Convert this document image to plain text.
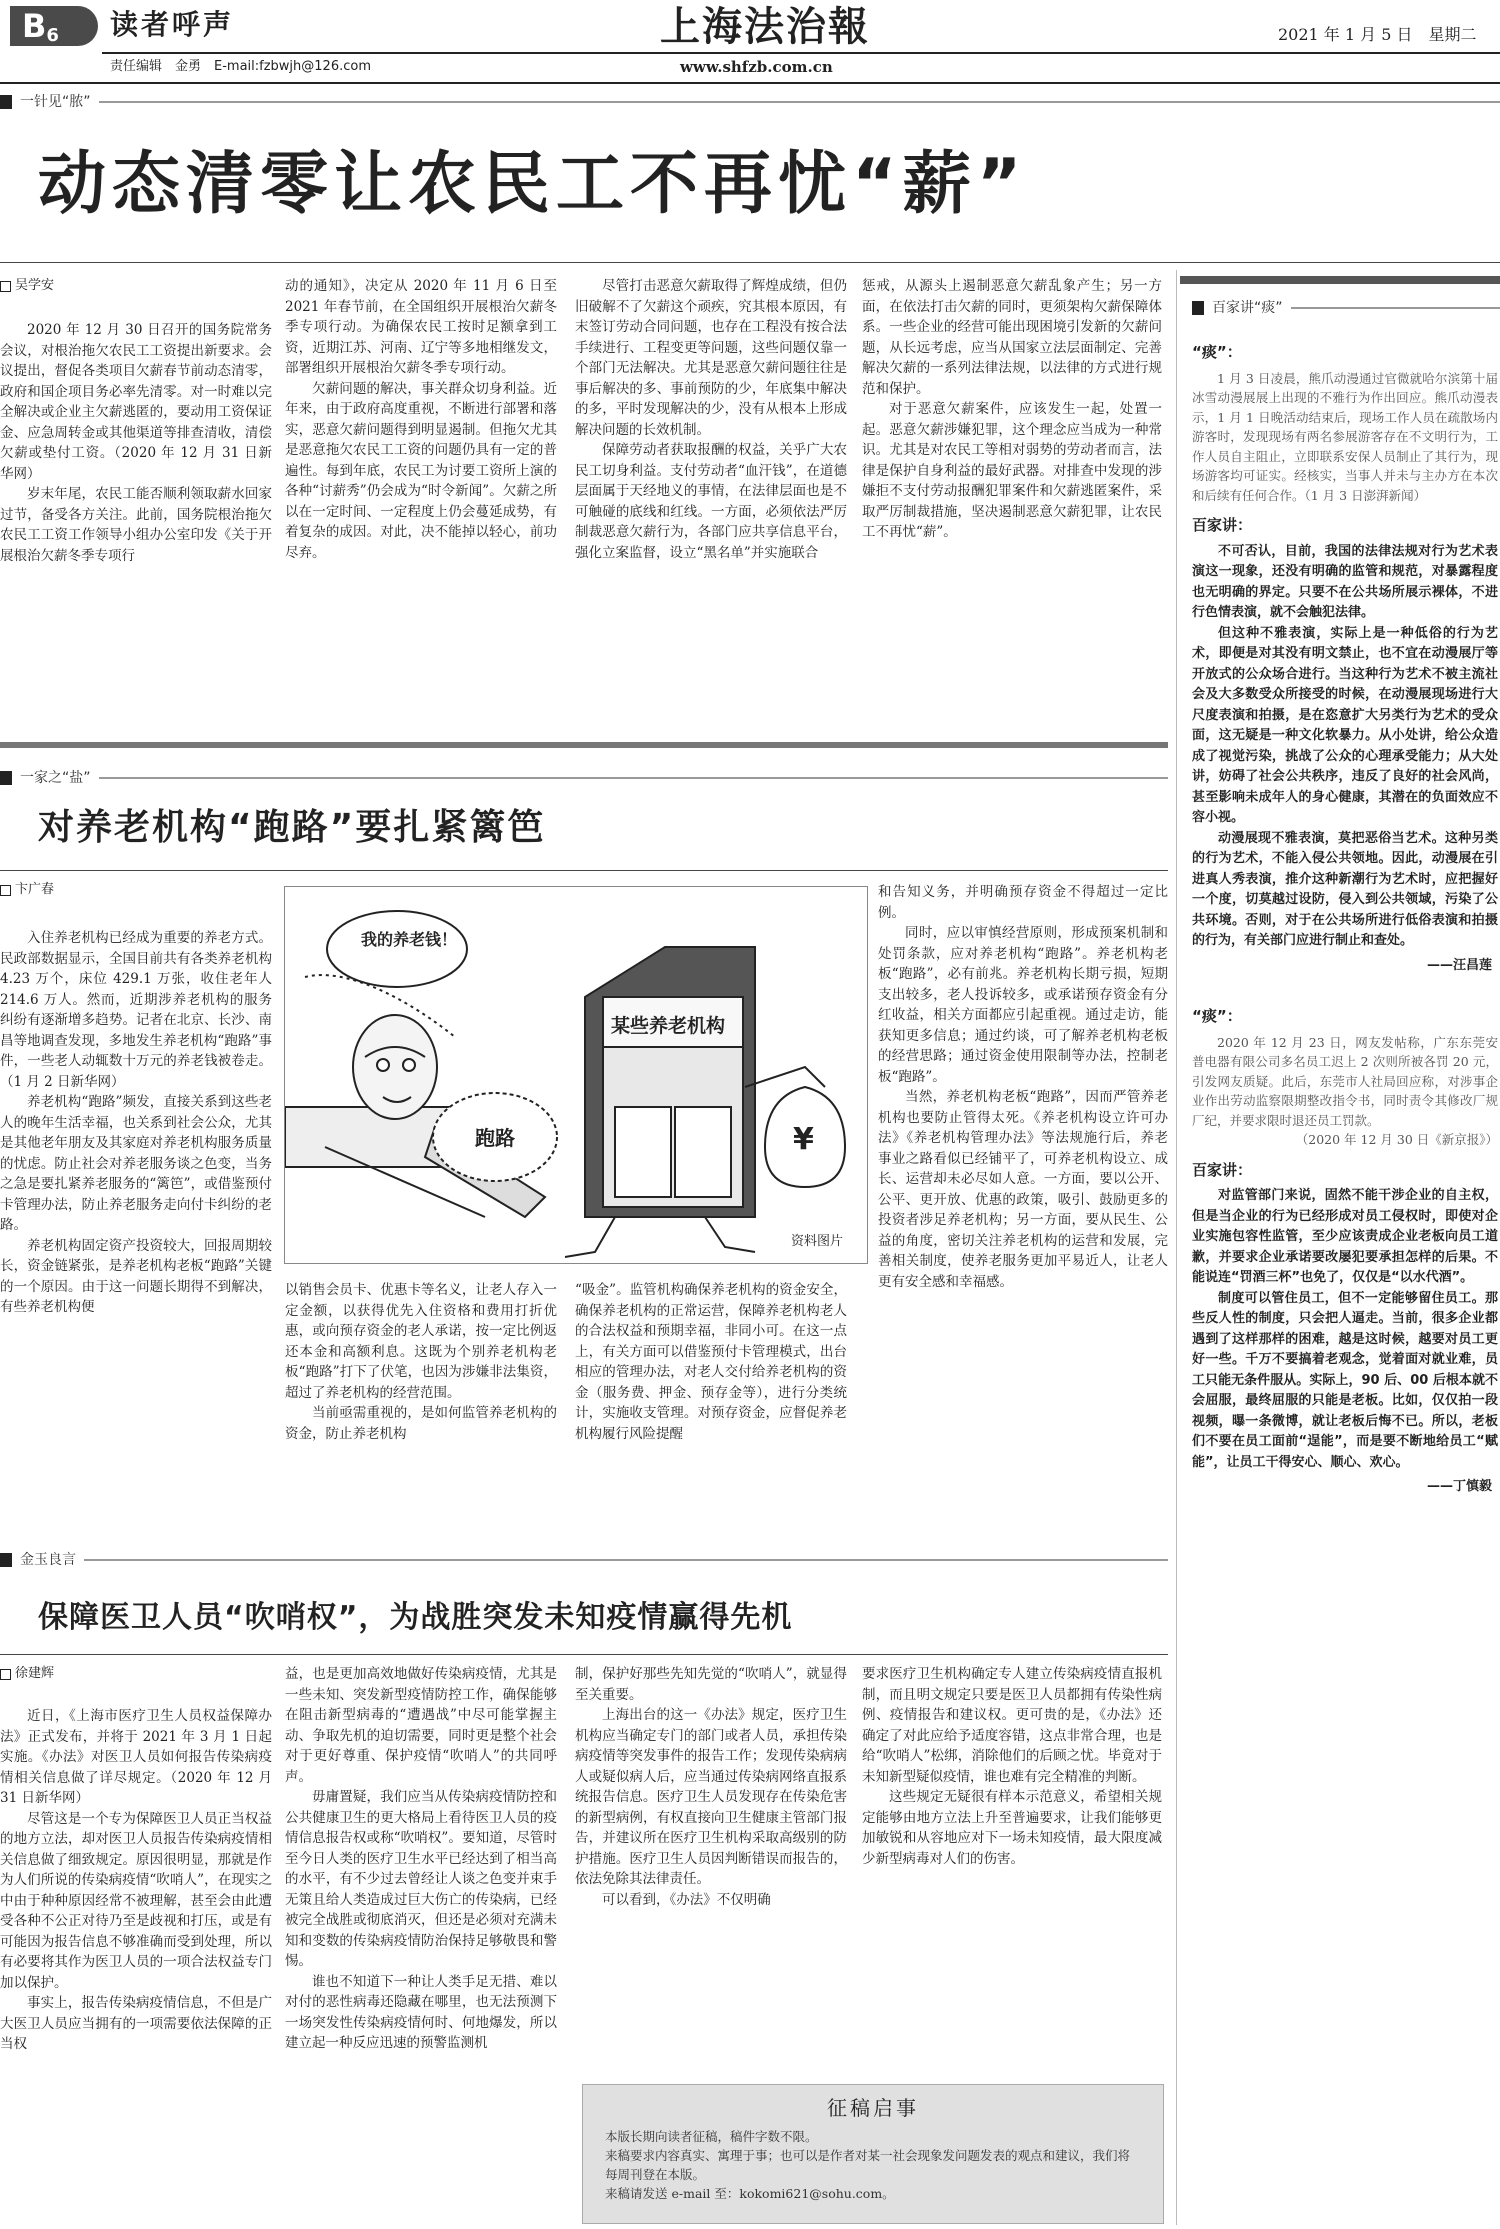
B6	读者呼声
责任编辑　金勇　E-mail:fzbwjh@126.com
上海法治報
www.shfzb.com.cn
2021 年 1 月 5 日　星期二
一针见“脓”
动态清零让农民工不再忧“薪”
吴学安

2020 年 12 月 30 日召开的国务院常务会议，对根治拖欠农民工工资提出新要求。会议提出，督促各类项目欠薪春节前动态清零，政府和国企项目务必率先清零。对一时难以完全解决或企业主欠薪逃匿的，要动用工资保证金、应急周转金或其他渠道等排查清收，清偿欠薪或垫付工资。（2020 年 12 月 31 日新华网）

岁末年尾，农民工能否顺利领取薪水回家过节，备受各方关注。此前，国务院根治拖欠农民工工资工作领导小组办公室印发《关于开展根治欠薪冬季专项行

动的通知》，决定从 2020 年 11 月 6 日至 2021 年春节前，在全国组织开展根治欠薪冬季专项行动。为确保农民工按时足额拿到工资，近期江苏、河南、辽宁等多地相继发文，部署组织开展根治欠薪冬季专项行动。

欠薪问题的解决，事关群众切身利益。近年来，由于政府高度重视，不断进行部署和落实，恶意欠薪问题得到明显遏制。但拖欠尤其是恶意拖欠农民工工资的问题仍具有一定的普遍性。每到年底，农民工为讨要工资所上演的各种“讨薪秀”仍会成为“时令新闻”。欠薪之所以在一定时间、一定程度上仍会蔓延成势，有着复杂的成因。对此，决不能掉以轻心，前功尽弃。

尽管打击恶意欠薪取得了辉煌成绩，但仍旧破解不了欠薪这个顽疾，究其根本原因，有末签订劳动合同问题，也存在工程没有按合法手续进行、工程变更等问题，这些问题仅靠一个部门无法解决。尤其是恶意欠薪问题往往是事后解决的多、事前预防的少，年底集中解决的多，平时发现解决的少，没有从根本上形成解决问题的长效机制。

保障劳动者获取报酬的权益，关乎广大农民工切身利益。支付劳动者“血汗钱”，在道德层面属于天经地义的事情，在法律层面也是不可触碰的底线和红线。一方面，必须依法严厉制裁恶意欠薪行为，各部门应共享信息平台，强化立案监督，设立“黑名单”并实施联合

惩戒，从源头上遏制恶意欠薪乱象产生；另一方面，在依法打击欠薪的同时，更须架构欠薪保障体系。一些企业的经营可能出现困境引发新的欠薪问题，从长远考虑，应当从国家立法层面制定、完善解决欠薪的一系列法律法规，以法律的方式进行规范和保护。

对于恶意欠薪案件，应该发生一起，处置一起。恶意欠薪涉嫌犯罪，这个理念应当成为一种常识。尤其是对农民工等相对弱势的劳动者而言，法律是保护自身利益的最好武器。对排查中发现的涉嫌拒不支付劳动报酬犯罪案件和欠薪逃匿案件，采取严厉制裁措施，坚决遏制恶意欠薪犯罪，让农民工不再忧“薪”。

一家之“盐”
对养老机构“跑路”要扎紧篱笆
卞广春

入住养老机构已经成为重要的养老方式。民政部数据显示，全国目前共有各类养老机构 4.23 万个，床位 429.1 万张，收住老年人 214.6 万人。然而，近期涉养老机构的服务纠纷有逐渐增多趋势。记者在北京、长沙、南昌等地调查发现，多地发生养老机构“跑路”事件，一些老人动辄数十万元的养老钱被卷走。（1 月 2 日新华网）

养老机构“跑路”频发，直接关系到这些老人的晚年生活幸福，也关系到社会公众，尤其是其他老年朋友及其家庭对养老机构服务质量的忧虑。防止社会对养老服务谈之色变，当务之急是要扎紧养老服务的“篱笆”，或借鉴预付卡管理办法，防止养老服务走向付卡纠纷的老路。

养老机构固定资产投资较大，回报周期较长，资金链紧张，是养老机构老板“跑路”关键的一个原因。由于这一问题长期得不到解决，有些养老机构便

我的养老钱！
某些养老机构
跑路	¥
资料图片

以销售会员卡、优惠卡等名义，让老人存入一定金额，以获得优先入住资格和费用打折优惠，或向预存资金的老人承诺，按一定比例返还本金和高额利息。这既为个别养老机构老板“跑路”打下了伏笔，也因为涉嫌非法集资，超过了养老机构的经营范围。

当前亟需重视的，是如何监管养老机构的资金，防止养老机构

“吸金”。监管机构确保养老机构的资金安全，确保养老机构的正常运营，保障养老机构老人的合法权益和预期幸福，非同小可。在这一点上，有关方面可以借鉴预付卡管理模式，出台相应的管理办法，对老人交付给养老机构的资金（服务费、押金、预存金等），进行分类统计，实施收支管理。对预存资金，应督促养老机构履行风险提醒

和告知义务，并明确预存资金不得超过一定比例。

同时，应以审慎经营原则，形成预案机制和处罚条款，应对养老机构“跑路”。养老机构老板“跑路”，必有前兆。养老机构长期亏损，短期支出较多，老人投诉较多，或承诺预存资金有分红收益，相关方面都应引起重视。通过走访，能获知更多信息；通过约谈，可了解养老机构老板的经营思路；通过资金使用限制等办法，控制老板“跑路”。

当然，养老机构老板“跑路”，因而严管养老机构也要防止管得太死。《养老机构设立许可办法》《养老机构管理办法》等法规施行后，养老事业之路看似已经铺平了，可养老机构设立、成长、运营却未必尽如人意。一方面，要以公开、公平、更开放、优惠的政策，吸引、鼓励更多的投资者涉足养老机构；另一方面，要从民生、公益的角度，密切关注养老机构的运营和发展，完善相关制度，使养老服务更加平易近人，让老人更有安全感和幸福感。

金玉良言
保障医卫人员“吹哨权”，为战胜突发未知疫情赢得先机
徐建辉

近日，《上海市医疗卫生人员权益保障办法》正式发布，并将于 2021 年 3 月 1 日起实施。《办法》对医卫人员如何报告传染病疫情相关信息做了详尽规定。（2020 年 12 月 31 日新华网）

尽管这是一个专为保障医卫人员正当权益的地方立法，却对医卫人员报告传染病疫情相关信息做了细致规定。原因很明显，那就是作为人们所说的传染病疫情“吹哨人”，在现实之中由于种种原因经常不被理解，甚至会由此遭受各种不公正对待乃至是歧视和打压，或是有可能因为报告信息不够准确而受到处理，所以有必要将其作为医卫人员的一项合法权益专门加以保护。

事实上，报告传染病疫情信息，不但是广大医卫人员应当拥有的一项需要依法保障的正当权

益，也是更加高效地做好传染病疫情，尤其是一些未知、突发新型疫情防控工作，确保能够在阻击新型病毒的“遭遇战”中尽可能掌握主动、争取先机的迫切需要，同时更是整个社会对于更好尊重、保护疫情“吹哨人”的共同呼声。

毋庸置疑，我们应当从传染病疫情防控和公共健康卫生的更大格局上看待医卫人员的疫情信息报告权或称“吹哨权”。要知道，尽管时至今日人类的医疗卫生水平已经达到了相当高的水平，有不少过去曾经让人谈之色变并束手无策且给人类造成过巨大伤亡的传染病，已经被完全战胜或彻底消灭，但还是必须对充满未知和变数的传染病疫情防治保持足够敬畏和警惕。

谁也不知道下一种让人类手足无措、难以对付的恶性病毒还隐藏在哪里，也无法预测下一场突发性传染病疫情何时、何地爆发，所以建立起一种反应迅速的预警监测机

制，保护好那些先知先觉的“吹哨人”，就显得至关重要。

上海出台的这一《办法》规定，医疗卫生机构应当确定专门的部门或者人员，承担传染病疫情等突发事件的报告工作；发现传染病病人或疑似病人后，应当通过传染病网络直报系统报告信息。医疗卫生人员发现存在传染危害的新型病例，有权直接向卫生健康主管部门报告，并建议所在医疗卫生机构采取高级别的防护措施。医疗卫生人员因判断错误而报告的，依法免除其法律责任。

可以看到，《办法》不仅明确

要求医疗卫生机构确定专人建立传染病疫情直报机制，而且明文规定只要是医卫人员都拥有传染性病例、疫情报告和建议权。更可贵的是，《办法》还确定了对此应给予适度容错，这点非常合理，也是给“吹哨人”松绑，消除他们的后顾之忧。毕竟对于未知新型疑似疫情，谁也难有完全精准的判断。

这些规定无疑很有样本示范意义，希望相关规定能够由地方立法上升至普遍要求，让我们能够更加敏锐和从容地应对下一场未知疫情，最大限度减少新型病毒对人们的伤害。

征稿启事

本版长期向读者征稿，稿件字数不限。

来稿要求内容真实、寓理于事；也可以是作者对某一社会现象发问题发表的观点和建议，我们将每周刊登在本版。

来稿请发送 e-mail 至：kokomi621@sohu.com。

百家讲“痰”
“痰”：

1 月 3 日凌晨，熊爪动漫通过官微就哈尔滨第十届冰雪动漫展展上出现的不雅行为作出回应。熊爪动漫表示，1 月 1 日晚活动结束后，现场工作人员在疏散场内游客时，发现现场有两名参展游客存在不文明行为，工作人员自主阻止，立即联系安保人员制止了其行为，现场游客均可证实。经核实，当事人并未与主办方在本次和后续有任何合作。（1 月 3 日澎湃新闻）

百家讲：

不可否认，目前，我国的法律法规对行为艺术表演这一现象，还没有明确的监管和规范，对暴露程度也无明确的界定。只要不在公共场所展示裸体，不进行色情表演，就不会触犯法律。

但这种不雅表演，实际上是一种低俗的行为艺术，即便是对其没有明文禁止，也不宜在动漫展厅等开放式的公众场合进行。当这种行为艺术不被主流社会及大多数受众所接受的时候，在动漫展现场进行大尺度表演和拍摄，是在恣意扩大另类行为艺术的受众面，这无疑是一种文化软暴力。从小处讲，给公众造成了视觉污染，挑战了公众的心理承受能力；从大处讲，妨碍了社会公共秩序，违反了良好的社会风尚，甚至影响未成年人的身心健康，其潜在的负面效应不容小视。

动漫展现不雅表演，莫把恶俗当艺术。这种另类的行为艺术，不能入侵公共领地。因此，动漫展在引进真人秀表演，推介这种新潮行为艺术时，应把握好一个度，切莫越过设防，侵入到公共领域，污染了公共环境。否则，对于在公共场所进行低俗表演和拍摄的行为，有关部门应进行制止和查处。

——汪昌莲
“痰”：

2020 年 12 月 23 日，网友发帖称，广东东莞安普电器有限公司多名员工迟上 2 次则所被各罚 20 元，引发网友质疑。此后，东莞市人社局回应称，对涉事企业作出劳动监察限期整改指令书，同时责令其修改厂规厂纪，并要求限时退还员工罚款。

（2020 年 12 月 30 日《新京报》）
百家讲：

对监管部门来说，固然不能干涉企业的自主权，但是当企业的行为已经形成对员工侵权时，即使对企业实施包容性监管，至少应该责成企业老板向员工道歉，并要求企业承诺要改屡犯要承担怎样的后果。不能说连“罚酒三杯”也免了，仅仅是“以水代酒”。

制度可以管住员工，但不一定能够留住员工。那些反人性的制度，只会把人逼走。当前，很多企业都遇到了这样那样的困难，越是这时候，越要对员工更好一些。千万不要搞着老观念，觉着面对就业难，员工只能无条件服从。实际上，90 后、00 后根本就不会屈服，最终屈服的只能是老板。比如，仅仅拍一段视频，曝一条微博，就让老板后悔不已。所以，老板们不要在员工面前“逞能”，而是要不断地给员工“赋能”，让员工干得安心、顺心、欢心。

——丁慎毅
